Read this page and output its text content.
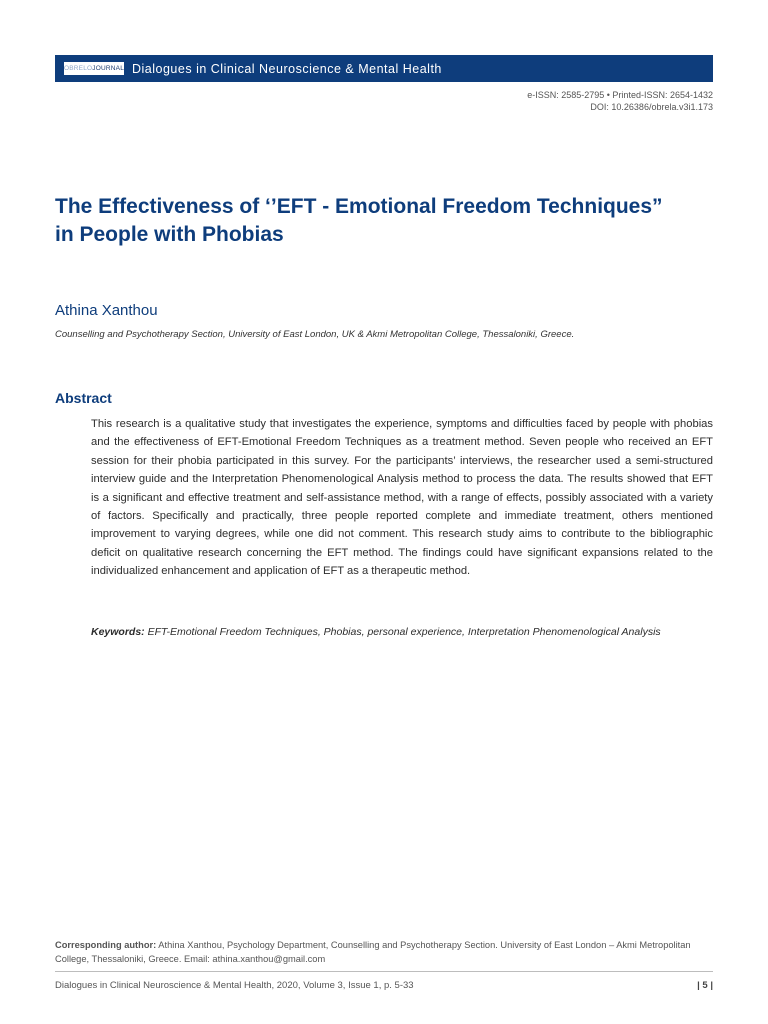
OBRELO JOURNAL Dialogues in Clinical Neuroscience & Mental Health
e-ISSN: 2585-2795 • Printed-ISSN: 2654-1432
DOI: 10.26386/obrela.v3i1.173
The Effectiveness of ‘’EFT - Emotional Freedom Techniques”
in People with Phobias

Athina Xanthou

Counselling and Psychotherapy Section, University of East London, UK & Akmi Metropolitan College, Thessaloniki, Greece.

Abstract

This research is a qualitative study that investigates the experience, symptoms and difficulties faced by people with phobias and the effectiveness of EFT-Emotional Freedom Techniques as a treatment method. Seven people who received an EFT session for their phobia participated in this survey. For the participants’ interviews, the researcher used a semi-structured interview guide and the Interpretation Phenomenological Analysis method to process the data. The results showed that EFT is a significant and effective treatment and self-assistance method, with a range of effects, possibly associated with a variety of factors. Specifically and practically, three people reported complete and immediate treatment, others mentioned improvement to varying degrees, while one did not comment. This research study aims to contribute to the bibliographic deficit on qualitative research concerning the EFT method. The findings could have significant expansions related to the individualized enhancement and application of EFT as a therapeutic method.

Keywords: EFT-Emotional Freedom Techniques, Phobias, personal experience, Interpretation Phenomenological Analysis

Corresponding author: Athina Xanthou, Psychology Department, Counselling and Psychotherapy Section. University of East London – Akmi Metropolitan College, Thessaloniki, Greece. Email: athina.xanthou@gmail.com

Dialogues in Clinical Neuroscience & Mental Health, 2020, Volume 3, Issue 1, p. 5-33	| 5 |
